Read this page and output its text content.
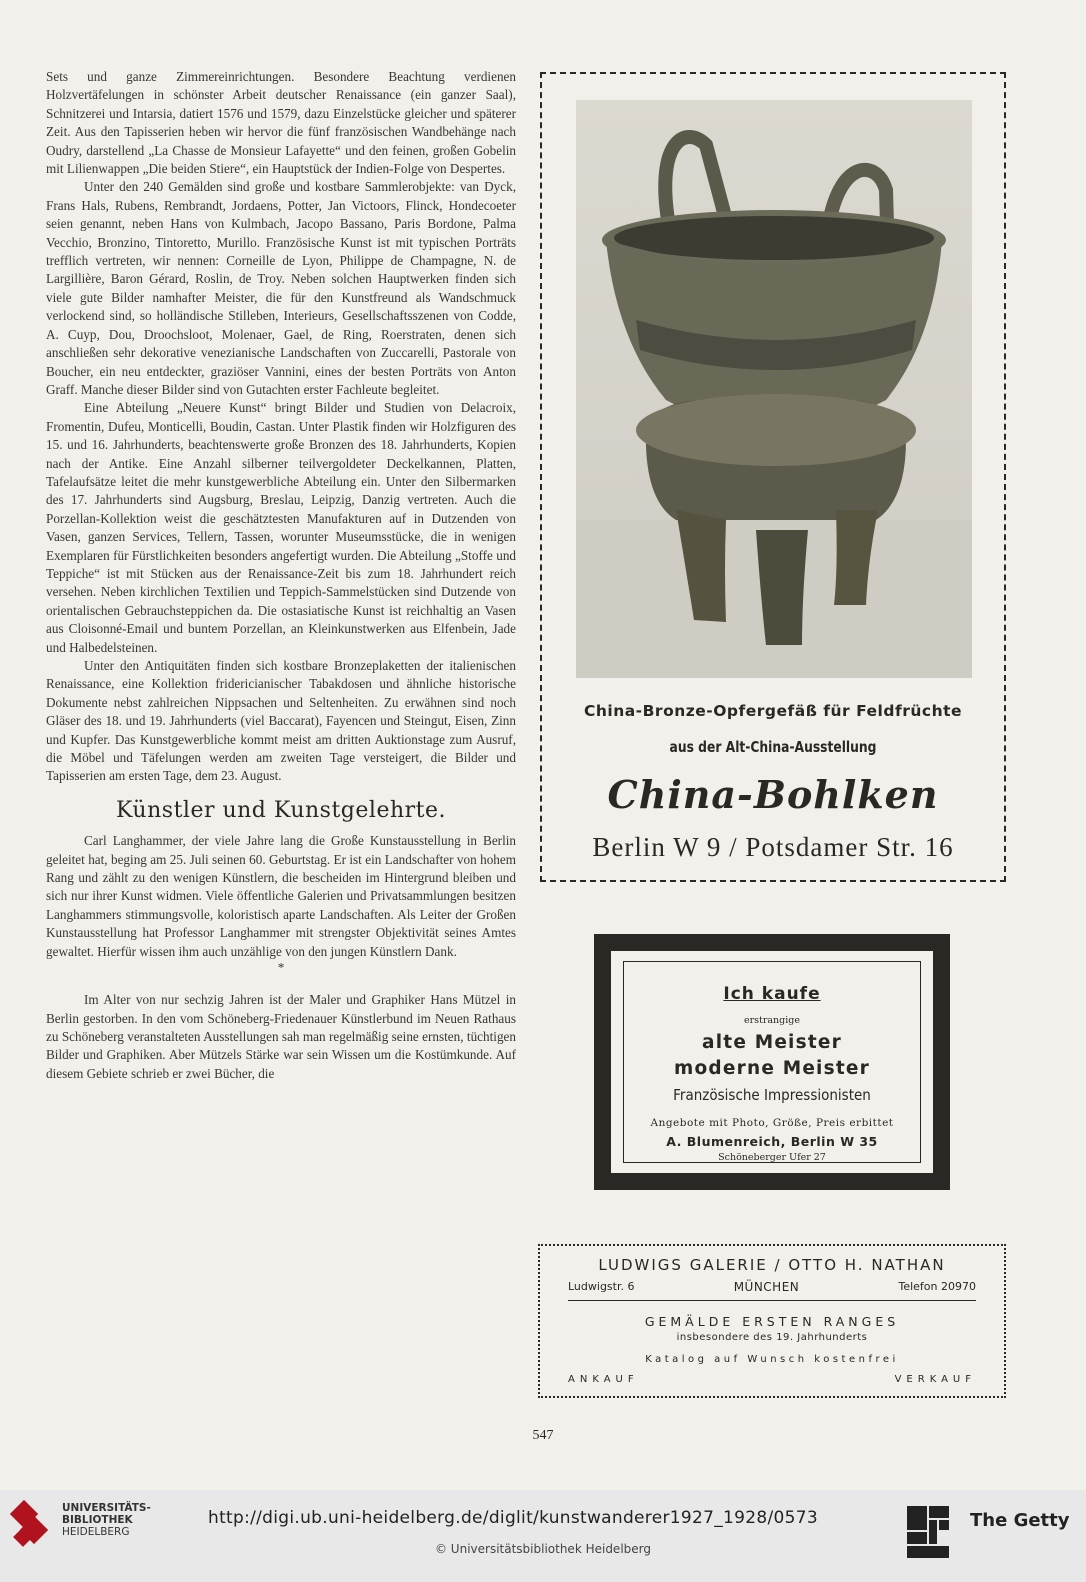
Sets und ganze Zimmereinrichtungen. Besondere Beachtung verdienen Holzvertäfelungen in schönster Arbeit deutscher Renaissance (ein ganzer Saal), Schnitzerei und Intarsia, datiert 1576 und 1579, dazu Einzelstücke gleicher und späterer Zeit. Aus den Tapisserien heben wir hervor die fünf französischen Wandbehänge nach Oudry, darstellend „La Chasse de Monsieur Lafayette“ und den feinen, großen Gobelin mit Lilienwappen „Die beiden Stiere“, ein Hauptstück der Indien-Folge von Despertes.

Unter den 240 Gemälden sind große und kostbare Sammlerobjekte: van Dyck, Frans Hals, Rubens, Rembrandt, Jordaens, Potter, Jan Victoors, Flinck, Hondecoeter seien genannt, neben Hans von Kulmbach, Jacopo Bassano, Paris Bordone, Palma Vecchio, Bronzino, Tintoretto, Murillo. Französische Kunst ist mit typischen Porträts trefflich vertreten, wir nennen: Corneille de Lyon, Philippe de Champagne, N. de Largillière, Baron Gérard, Roslin, de Troy. Neben solchen Hauptwerken finden sich viele gute Bilder namhafter Meister, die für den Kunstfreund als Wandschmuck verlockend sind, so holländische Stilleben, Interieurs, Gesellschaftsszenen von Codde, A. Cuyp, Dou, Droochsloot, Molenaer, Gael, de Ring, Roerstraten, denen sich anschließen sehr dekorative venezianische Landschaften von Zuccarelli, Pastorale von Boucher, ein neu entdeckter, graziöser Vannini, eines der besten Porträts von Anton Graff. Manche dieser Bilder sind von Gutachten erster Fachleute begleitet.

Eine Abteilung „Neuere Kunst“ bringt Bilder und Studien von Delacroix, Fromentin, Dufeu, Monticelli, Boudin, Castan. Unter Plastik finden wir Holzfiguren des 15. und 16. Jahrhunderts, beachtenswerte große Bronzen des 18. Jahrhunderts, Kopien nach der Antike. Eine Anzahl silberner teilvergoldeter Deckelkannen, Platten, Tafelaufsätze leitet die mehr kunstgewerbliche Abteilung ein. Unter den Silbermarken des 17. Jahrhunderts sind Augsburg, Breslau, Leipzig, Danzig vertreten. Auch die Porzellan-Kollektion weist die geschätztesten Manufakturen auf in Dutzenden von Vasen, ganzen Services, Tellern, Tassen, worunter Museumsstücke, die in wenigen Exemplaren für Fürstlichkeiten besonders angefertigt wurden. Die Abteilung „Stoffe und Teppiche“ ist mit Stücken aus der Renaissance-Zeit bis zum 18. Jahrhundert reich versehen. Neben kirchlichen Textilien und Teppich-Sammelstücken sind Dutzende von orientalischen Gebrauchsteppichen da. Die ostasiatische Kunst ist reichhaltig an Vasen aus Cloisonné-Email und buntem Porzellan, an Kleinkunstwerken aus Elfenbein, Jade und Halbedelsteinen.

Unter den Antiquitäten finden sich kostbare Bronzeplaketten der italienischen Renaissance, eine Kollektion fridericianischer Tabakdosen und ähnliche historische Dokumente nebst zahlreichen Nippsachen und Seltenheiten. Zu erwähnen sind noch Gläser des 18. und 19. Jahrhunderts (viel Baccarat), Fayencen und Steingut, Eisen, Zinn und Kupfer. Das Kunstgewerbliche kommt meist am dritten Auktionstage zum Ausruf, die Möbel und Täfelungen werden am zweiten Tage versteigert, die Bilder und Tapisserien am ersten Tage, dem 23. August.

Künstler und Kunstgelehrte.

Carl Langhammer, der viele Jahre lang die Große Kunstausstellung in Berlin geleitet hat, beging am 25. Juli seinen 60. Geburtstag. Er ist ein Landschafter von hohem Rang und zählt zu den wenigen Künstlern, die bescheiden im Hintergrund bleiben und sich nur ihrer Kunst widmen. Viele öffentliche Galerien und Privatsammlungen besitzen Langhammers stimmungsvolle, koloristisch aparte Landschaften. Als Leiter der Großen Kunstausstellung hat Professor Langhammer mit strengster Objektivität seines Amtes gewaltet. Hierfür wissen ihm auch unzählige von den jungen Künstlern Dank.

*

Im Alter von nur sechzig Jahren ist der Maler und Graphiker Hans Mützel in Berlin gestorben. In den vom Schöneberg-Friedenauer Künstlerbund im Neuen Rathaus zu Schöneberg veranstalteten Ausstellungen sah man regelmäßig seine ernsten, tüchtigen Bilder und Graphiken. Aber Mützels Stärke war sein Wissen um die Kostümkunde. Auf diesem Gebiete schrieb er zwei Bücher, die

China-Bronze-Opfergefäß für Feldfrüchte
aus der Alt-China-Ausstellung
China-Bohlken
Berlin W 9 / Potsdamer Str. 16
Ich kaufe
erstrangige
alte Meister
moderne Meister
Französische Impressionisten
Angebote mit Photo, Größe, Preis erbittet
A. Blumenreich, Berlin W 35
Schöneberger Ufer 27
LUDWIGS GALERIE / OTTO H. NATHAN
Ludwigstr. 6	MÜNCHEN	Telefon 20970
GEMÄLDE ERSTEN RANGES
insbesondere des 19. Jahrhunderts
Katalog auf Wunsch kostenfrei
ANKAUF	VERKAUF
547
UNIVERSITÄTS-
BIBLIOTHEK
HEIDELBERG
http://digi.ub.uni-heidelberg.de/diglit/kunstwanderer1927_1928/0573
© Universitätsbibliothek Heidelberg
The Getty
